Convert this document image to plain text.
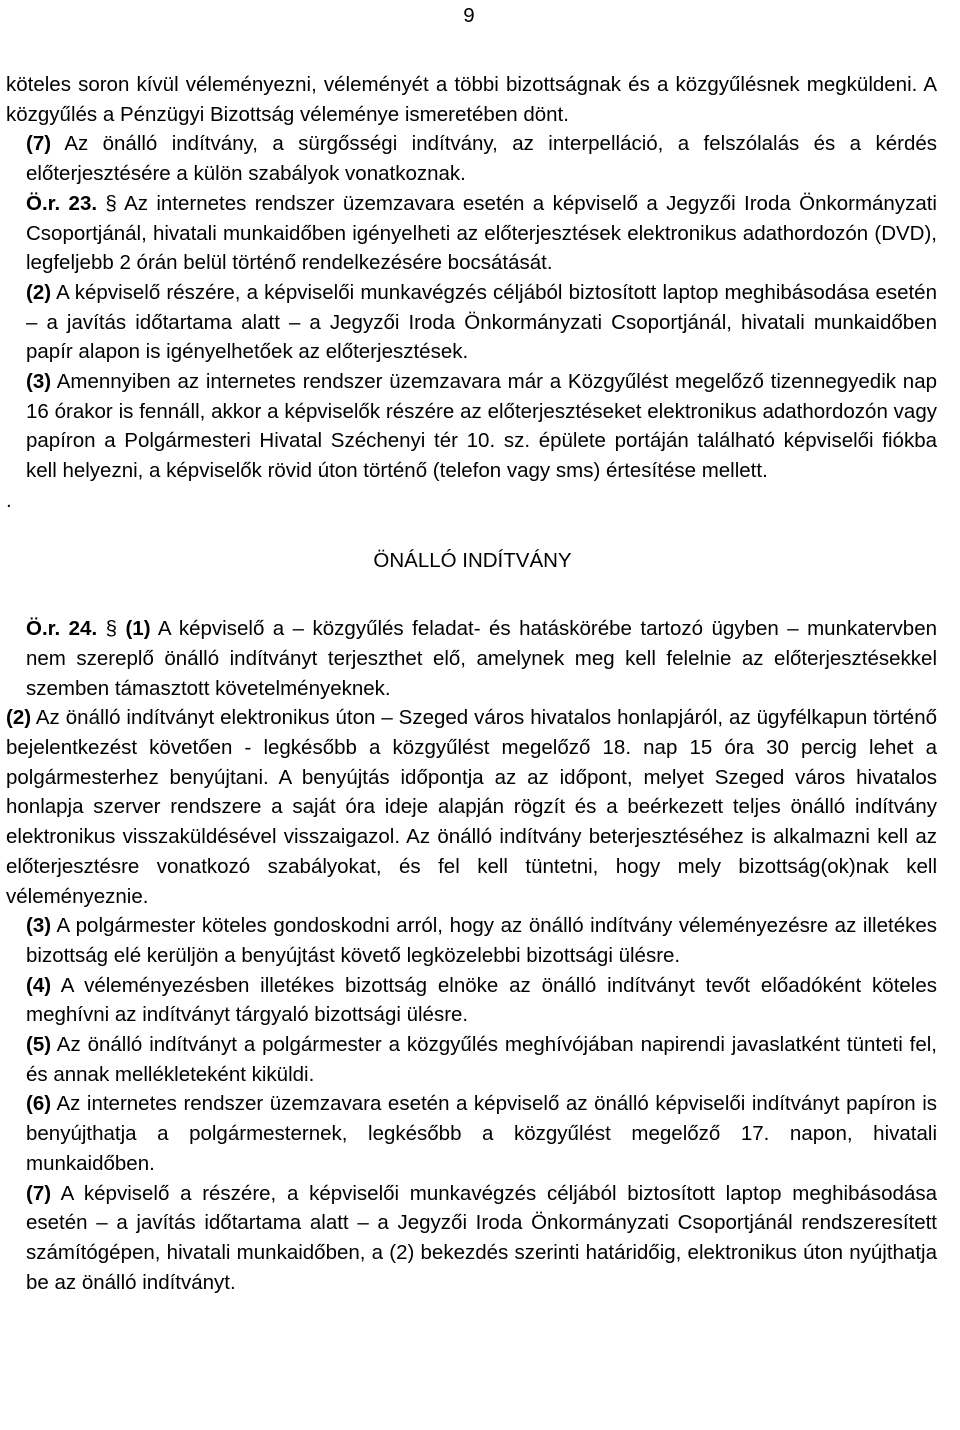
9

köteles soron kívül véleményezni, véleményét a többi bizottságnak és a közgyűlésnek megküldeni. A közgyűlés a Pénzügyi Bizottság véleménye ismeretében dönt.

(7) Az önálló indítvány, a sürgősségi indítvány, az interpelláció, a felszólalás és a kérdés előterjesztésére a külön szabályok vonatkoznak.

Ö.r. 23. § Az internetes rendszer üzemzavara esetén a képviselő a Jegyzői Iroda Önkormányzati Csoportjánál, hivatali munkaidőben igényelheti az előterjesztések elektronikus adathordozón (DVD), legfeljebb 2 órán belül történő rendelkezésére bocsátását.

(2) A képviselő részére, a képviselői munkavégzés céljából biztosított laptop meghibásodása esetén – a javítás időtartama alatt – a Jegyzői Iroda Önkormányzati Csoportjánál, hivatali munkaidőben papír alapon is igényelhetőek az előterjesztések.

(3) Amennyiben az internetes rendszer üzemzavara már a Közgyűlést megelőző tizennegyedik nap 16 órakor is fennáll, akkor a képviselők részére az előterjesztéseket elektronikus adathordozón vagy papíron a Polgármesteri Hivatal Széchenyi tér 10. sz. épülete portáján található képviselői fiókba kell helyezni, a képviselők rövid úton történő (telefon vagy sms) értesítése mellett.

.

ÖNÁLLÓ INDÍTVÁNY

Ö.r. 24. § (1) A képviselő a – közgyűlés feladat- és hatáskörébe tartozó ügyben – munkatervben nem szereplő önálló indítványt terjeszthet elő, amelynek meg kell felelnie az előterjesztésekkel szemben támasztott követelményeknek.

(2) Az önálló indítványt elektronikus úton – Szeged város hivatalos honlapjáról, az ügyfélkapun történő bejelentkezést követően - legkésőbb a közgyűlést megelőző 18. nap 15 óra 30 percig lehet a polgármesterhez benyújtani. A benyújtás időpontja az az időpont, melyet Szeged város hivatalos honlapja szerver rendszere a saját óra ideje alapján rögzít és a beérkezett teljes önálló indítvány elektronikus visszaküldésével visszaigazol. Az önálló indítvány beterjesztéséhez is alkalmazni kell az előterjesztésre vonatkozó szabályokat, és fel kell tüntetni, hogy mely bizottság(ok)nak kell véleményeznie.

(3) A polgármester köteles gondoskodni arról, hogy az önálló indítvány véleményezésre az illetékes bizottság elé kerüljön a benyújtást követő legközelebbi bizottsági ülésre.

(4) A véleményezésben illetékes bizottság elnöke az önálló indítványt tevőt előadóként köteles meghívni az indítványt tárgyaló bizottsági ülésre.

(5) Az önálló indítványt a polgármester a közgyűlés meghívójában napirendi javaslatként tünteti fel, és annak mellékleteként kiküldi.

(6) Az internetes rendszer üzemzavara esetén a képviselő az önálló képviselői indítványt papíron is benyújthatja a polgármesternek, legkésőbb a közgyűlést megelőző 17. napon, hivatali munkaidőben.

(7) A képviselő a részére, a képviselői munkavégzés céljából biztosított laptop meghibásodása esetén – a javítás időtartama alatt – a Jegyzői Iroda Önkormányzati Csoportjánál rendszeresített számítógépen, hivatali munkaidőben, a (2) bekezdés szerinti határidőig, elektronikus úton nyújthatja be az önálló indítványt.
